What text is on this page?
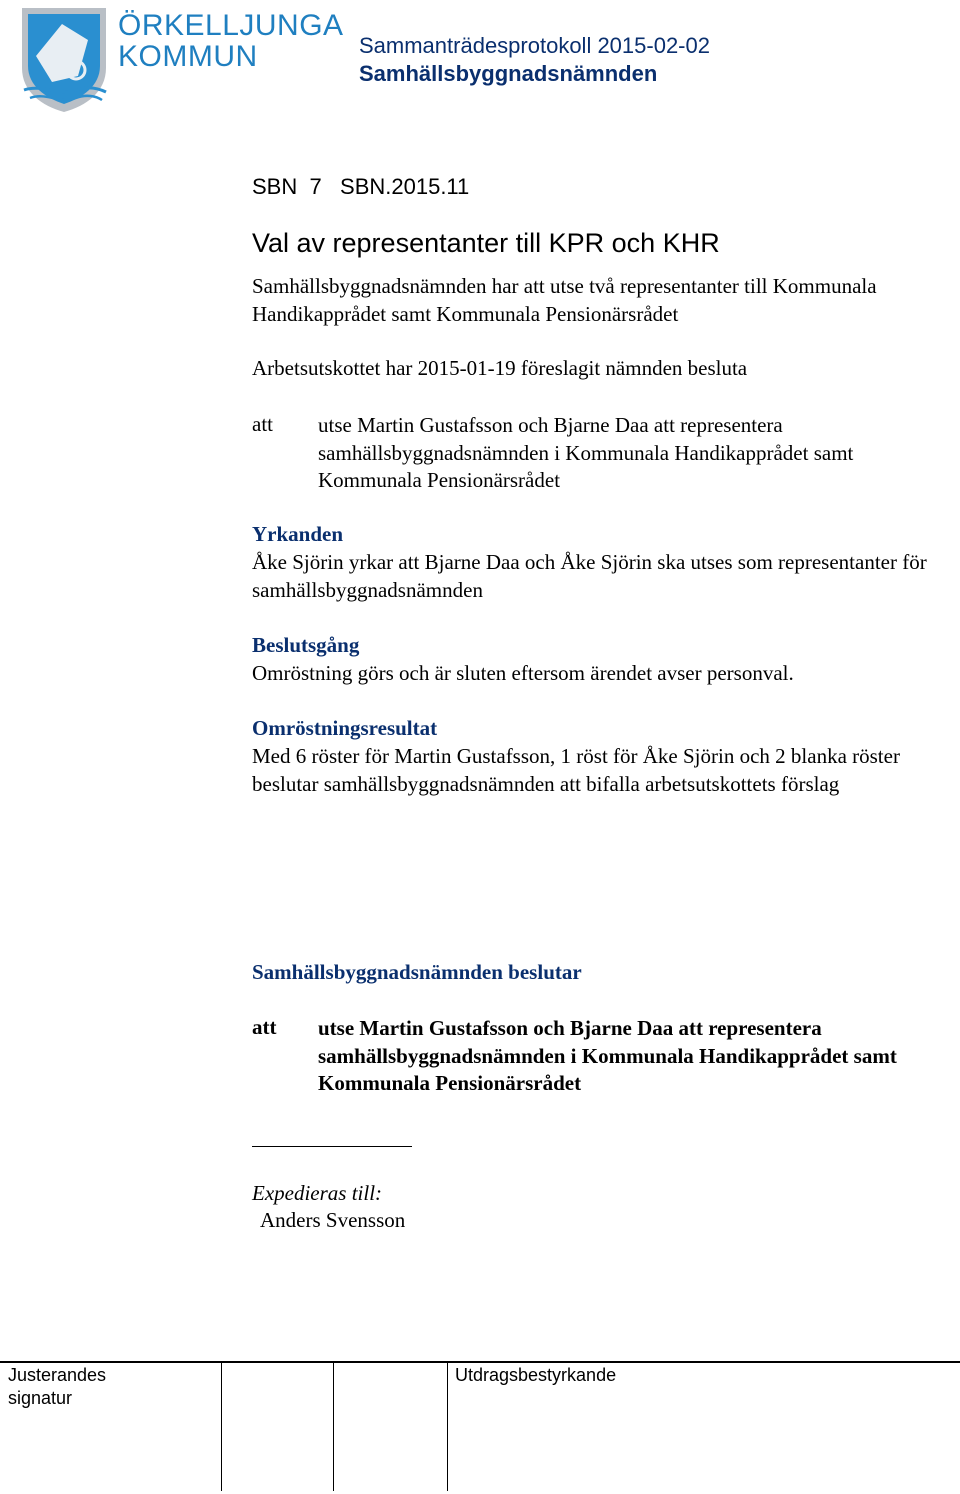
ÖRKELLJUNGA
KOMMUN	Sammanträdesprotokoll 2015-02-02
Samhällsbyggnadsnämnden
SBN  7   SBN.2015.11
Val av representanter till KPR och KHR
Samhällsbyggnadsnämnden har att utse två representanter till Kommunala Handikapprådet samt Kommunala Pensionärsrådet
Arbetsutskottet har 2015-01-19 föreslagit nämnden besluta
att utse Martin Gustafsson och Bjarne Daa att representera samhällsbyggnadsnämnden i Kommunala Handikapprådet samt Kommunala Pensionärsrådet
Yrkanden
Åke Sjörin yrkar att Bjarne Daa och Åke Sjörin ska utses som representanter för samhällsbyggnadsnämnden
Beslutsgång
Omröstning görs och är sluten eftersom ärendet avser personval.
Omröstningsresultat
Med 6 röster för Martin Gustafsson, 1 röst för Åke Sjörin och 2 blanka röster beslutar samhällsbyggnadsnämnden att bifalla arbetsutskottets förslag
Samhällsbyggnadsnämnden beslutar
att utse Martin Gustafsson och Bjarne Daa att representera samhällsbyggnadsnämnden i Kommunala Handikapprådet samt Kommunala Pensionärsrådet
Expedieras till:
Anders Svensson
Justerandes
signatur
Utdragsbestyrkande
